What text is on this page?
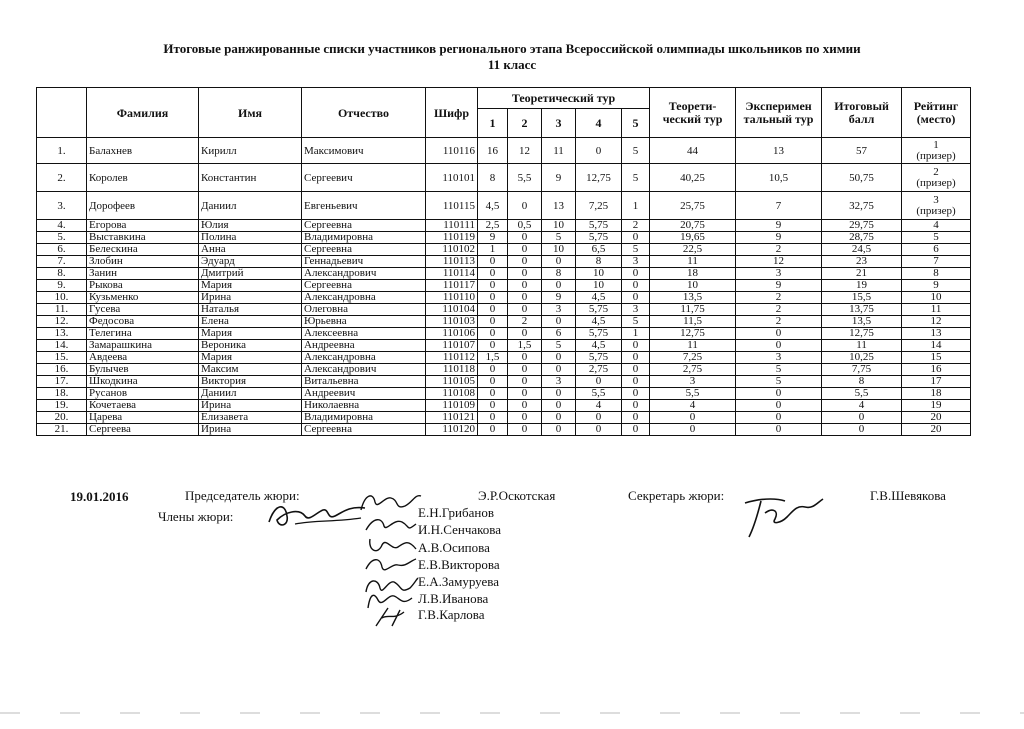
Итоговые ранжированные списки участников регионального этапа Всероссийской олимпиады школьников по химии
11 класс
	Фамилия	Имя	Отчество	Шифр	Теоретический тур					Теорети-ческий тур	Эксперимен тальный тур	Итоговый балл	Рейтинг (место)
					1	2	3	4	5				
1.	Балахнев	Кирилл	Максимович	110116	16	12	11	0	5	44	13	57	1
(призер)

2.	Королев	Константин	Сергеевич	110101	8	5,5	9	12,75	5	40,25	10,5	50,75	2
(призер)

3.	Дорофеев	Даниил	Евгеньевич	110115	4,5	0	13	7,25	1	25,75	7	32,75	3
(призер)

4.	Егорова	Юлия	Сергеевна	110111	2,5	0,5	10	5,75	2	20,75	9	29,75	4

5.	Выставкина	Полина	Владимировна	110119	9	0	5	5,75	0	19,65	9	28,75	5

6.	Белескина	Анна	Сергеевна	110102	1	0	10	6,5	5	22,5	2	24,5	6

7.	Злобин	Эдуард	Геннадьевич	110113	0	0	0	8	3	11	12	23	7

8.	Занин	Дмитрий	Александрович	110114	0	0	8	10	0	18	3	21	8

9.	Рыкова	Мария	Сергеевна	110117	0	0	0	10	0	10	9	19	9

10.	Кузьменко	Ирина	Александровна	110110	0	0	9	4,5	0	13,5	2	15,5	10

11.	Гусева	Наталья	Олеговна	110104	0	0	3	5,75	3	11,75	2	13,75	11

12.	Федосова	Елена	Юрьевна	110103	0	2	0	4,5	5	11,5	2	13,5	12

13.	Телегина	Мария	Алексеевна	110106	0	0	6	5,75	1	12,75	0	12,75	13

14.	Замарашкина	Вероника	Андреевна	110107	0	1,5	5	4,5	0	11	0	11	14

15.	Авдеева	Мария	Александровна	110112	1,5	0	0	5,75	0	7,25	3	10,25	15

16.	Булычев	Максим	Александрович	110118	0	0	0	2,75	0	2,75	5	7,75	16

17.	Шкодкина	Виктория	Витальевна	110105	0	0	3	0	0	3	5	8	17

18.	Русанов	Даниил	Андреевич	110108	0	0	0	5,5	0	5,5	0	5,5	18

19.	Кочетаева	Ирина	Николаевна	110109	0	0	0	4	0	4	0	4	19

20.	Царева	Елизавета	Владимировна	110121	0	0	0	0	0	0	0	0	20

21.	Сергеева	Ирина	Сергеевна	110120	0	0	0	0	0	0	0	0	20
19.01.2016	Председатель жюри:	Э.Р.Оскотская	Секретарь жюри:	Г.В.Шевякова
Члены жюри:	Е.Н.Грибанов
И.Н.Сенчакова
А.В.Осипова
Е.В.Викторова
Е.А.Замуруева
Л.В.Иванова
Г.В.Карлова
